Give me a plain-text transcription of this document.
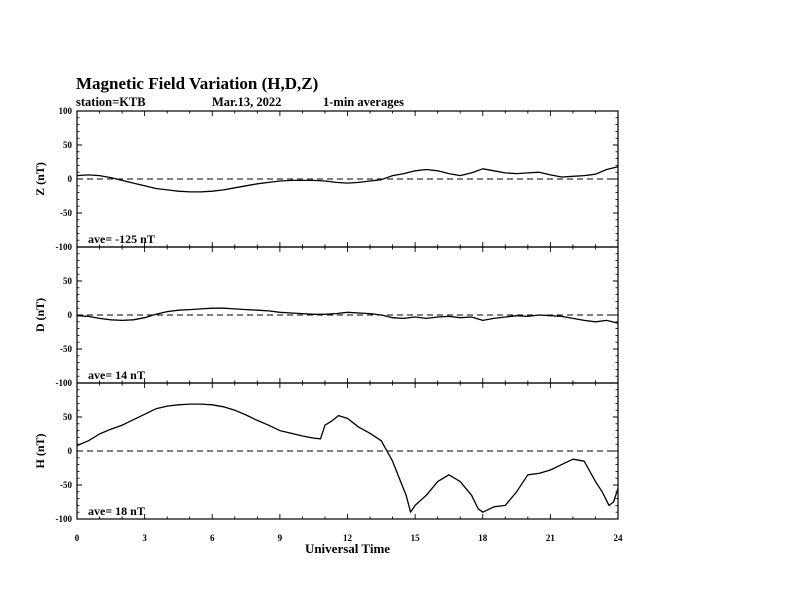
Magnetic Field Variation (H,D,Z)
station=KTB	Mar.13, 2022	1-min averages
100
50
0
-50
-100
Z (nT)
ave= -125 nT
50
0
-50
-100
D (nT)
ave= 14 nT
50
0
-50
-100
H (nT)
ave= 18 nT
0	3	6	9	12	15	18	21	24
Universal Time
